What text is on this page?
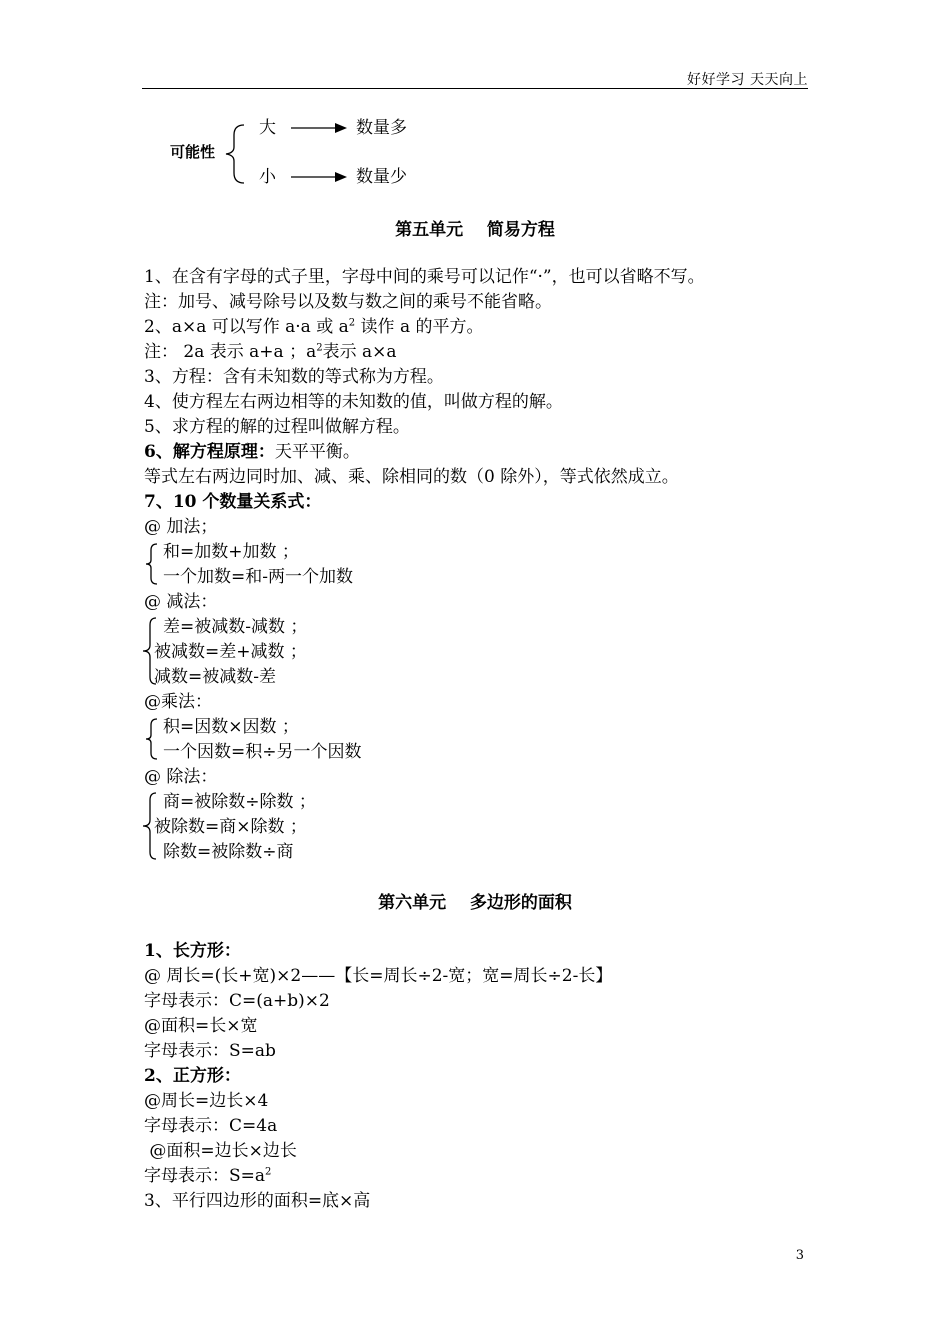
好好学习 天天向上
可能性
大	数量多
小	数量少
第五单元    简易方程
1、在含有字母的式子里，字母中间的乘号可以记作“·”，也可以省略不写。
注：加号、减号除号以及数与数之间的乘号不能省略。
2、a×a 可以写作 a·a 或 $a^2$ 读作 a 的平方。
注： 2a 表示 a+a ；$a^2$表示 a×a
3、方程：含有未知数的等式称为方程。
4、使方程左右两边相等的未知数的值，叫做方程的解。
5、求方程的解的过程叫做解方程。
6、解方程原理：天平平衡。
等式左右两边同时加、减、乘、除相同的数（0 除外），等式依然成立。
7、10 个数量关系式：
@ 加法；
和=加数+加数 ；
一个加数=和-两一个加数
@ 减法：
差=被减数-减数 ；
被减数=差+减数 ；
减数=被减数-差
@乘法：
积=因数×因数 ；
一个因数=积÷另一个因数
@ 除法：
商=被除数÷除数 ；
被除数=商×除数 ；
除数=被除数÷商
第六单元    多边形的面积
1、长方形：
@ 周长=(长+宽)×2——【长=周长÷2-宽；宽=周长÷2-长】
字母表示：C=(a+b)×2
@面积=长×宽
字母表示：S=ab
2、正方形：
@周长=边长×4
字母表示：C=4a
@面积=边长×边长
字母表示：$S=a^2$
3、平行四边形的面积=底×高
3
